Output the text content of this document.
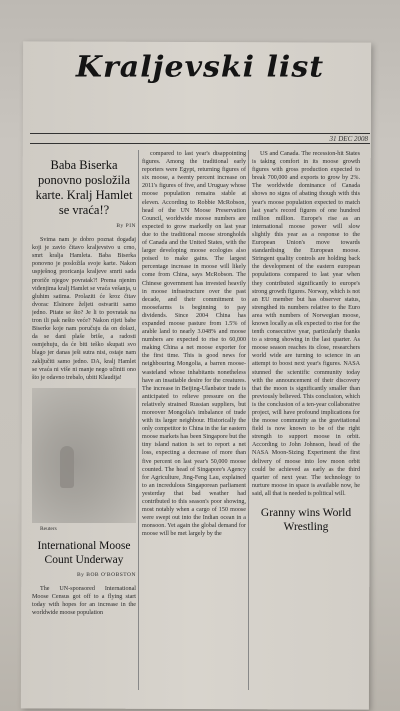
Kraljevski list
31 DEC 2008
Baba Biserka ponovno posložila karte. Kralj Hamlet se vraća!?
By PIN

Svima nam je dobro poznat događaj koji je zavio čitavo kraljevstvo u crno, smrt kralja Hamleta. Baba Biserka ponovno je posložila svoje karte. Nakon uspješnog proricanja kraljeve smrti sada proriče njegov povratak?! Prema njenim viđenjima kralj Hamlet se vraća vešanja, u gluhim satima. Prolaziti će kroz čitav dvorac Elsinore željeti ostvariti samo jedno. Pitate se što? Je li to povratak na tron ili pak nešto veće? Nakon rijeti babe Biserke koje nam poručuju da on dolazi, da se dani plaše briše, a radosti osmjehuju, da će biti teško skupati svo blago jer danas ješi sutra nisi, ostaje nam zaključiti samo jedno. DA, kralj Hamlet se vraća ni više ni manje nego učiniti ono što je odavno trebalo, ubiti Klaudija!

Reuters
International Moose Count Underway
By BOB O'BOBSTON

The UN-sponsored International Moose Census got off to a flying start today with hopes for an increase in the worldwide moose population

compared to last year's disappointing figures. Among the traditional early reporters were Egypt, returning figures of six moose, a twenty percent increase on 2011's figures of five, and Uruguay whose moose population remains stable at eleven. According to Robbie McRobson, head of the UN Moose Preservation Council, worldwide moose numbers are expected to grow markedly on last year due to the traditional moose strongholds of Canada and the United States, with the larger developing moose ecologies also poised to make gains. The largest percentage increase in moose will likely come from China, says McRobson. The Chinese government has invested heavily in moose infrastructure over the past decade, and their commitment to moosefarms is beginning to pay dividends. Since 2004 China has expanded moose pasture from 1.5% of arable land to nearly 3.048% and moose numbers are expected to rise to 60,000 making China a net moose exporter for the first time. This is good news for neighbouring Mongolia, a barren moose-wasteland whose inhabitants nonetheless have an insatiable desire for the creatures. The increase in Beijing-Ulanbator trade is anticipated to relieve pressure on the relatively strained Russian suppliers, but moreover Mongolia's imbalance of trade with its larger neighbour. Historically the only competitor to China in the far eastern moose markets has been Singapore but the tiny island nation is set to report a net loss, expecting a decrease of more than five percent on last year's 50,000 moose counted. The head of Singapore's Agency for Agriculture, Jing-Feng Lau, explained to an incredulous Singaporean parliament yesterday that bad weather had contributed to this season's poor showing, most notably when a cargo of 150 moose were swept out into the Indian ocean in a monsoon. Yet again the global demand for moose will be met largely by the

US and Canada. The recession-hit States is taking comfort in its moose growth figures with gross production expected to break 700,000 and exports to grow by 2%. The worldwide dominance of Canada shows no signs of abating though with this year's moose population expected to match last year's record figures of one hundred million million. Europe's rise as an international moose power will slow slightly this year as a response to the European Union's move towards standardising the European moose. Stringent quality controls are holding back the development of the eastern european populations compared to last year when they contributed significantly to europe's strong growth figures. Norway, which is not an EU member but has observer status, strengthed its numbers relative to the Euro area with numbers of Norwegian moose, known locally as elk expected to rise for the tenth consecutive year, particularly thanks to a strong showing in the last quarter. As moose season reaches its close, researchers world wide are turning to science in an attempt to boost next year's figures. NASA stunned the scientific community today with the announcement of their discovery that the moon is significantly smaller than previously believed. This conclusion, which is the conclusion of a ten-year collaborative project, will have profound implications for the moose community as the gravitational field is now known to be of the right strength to support moose in orbit. According to John Johnson, head of the NASA Moon-Sizing Experiment the first delivery of moose into low moon orbit could be achieved as early as the third quarter of next year. The technology to nurture moose in space is available now, he said, all that is needed is political will.

Granny wins World Wrestling
